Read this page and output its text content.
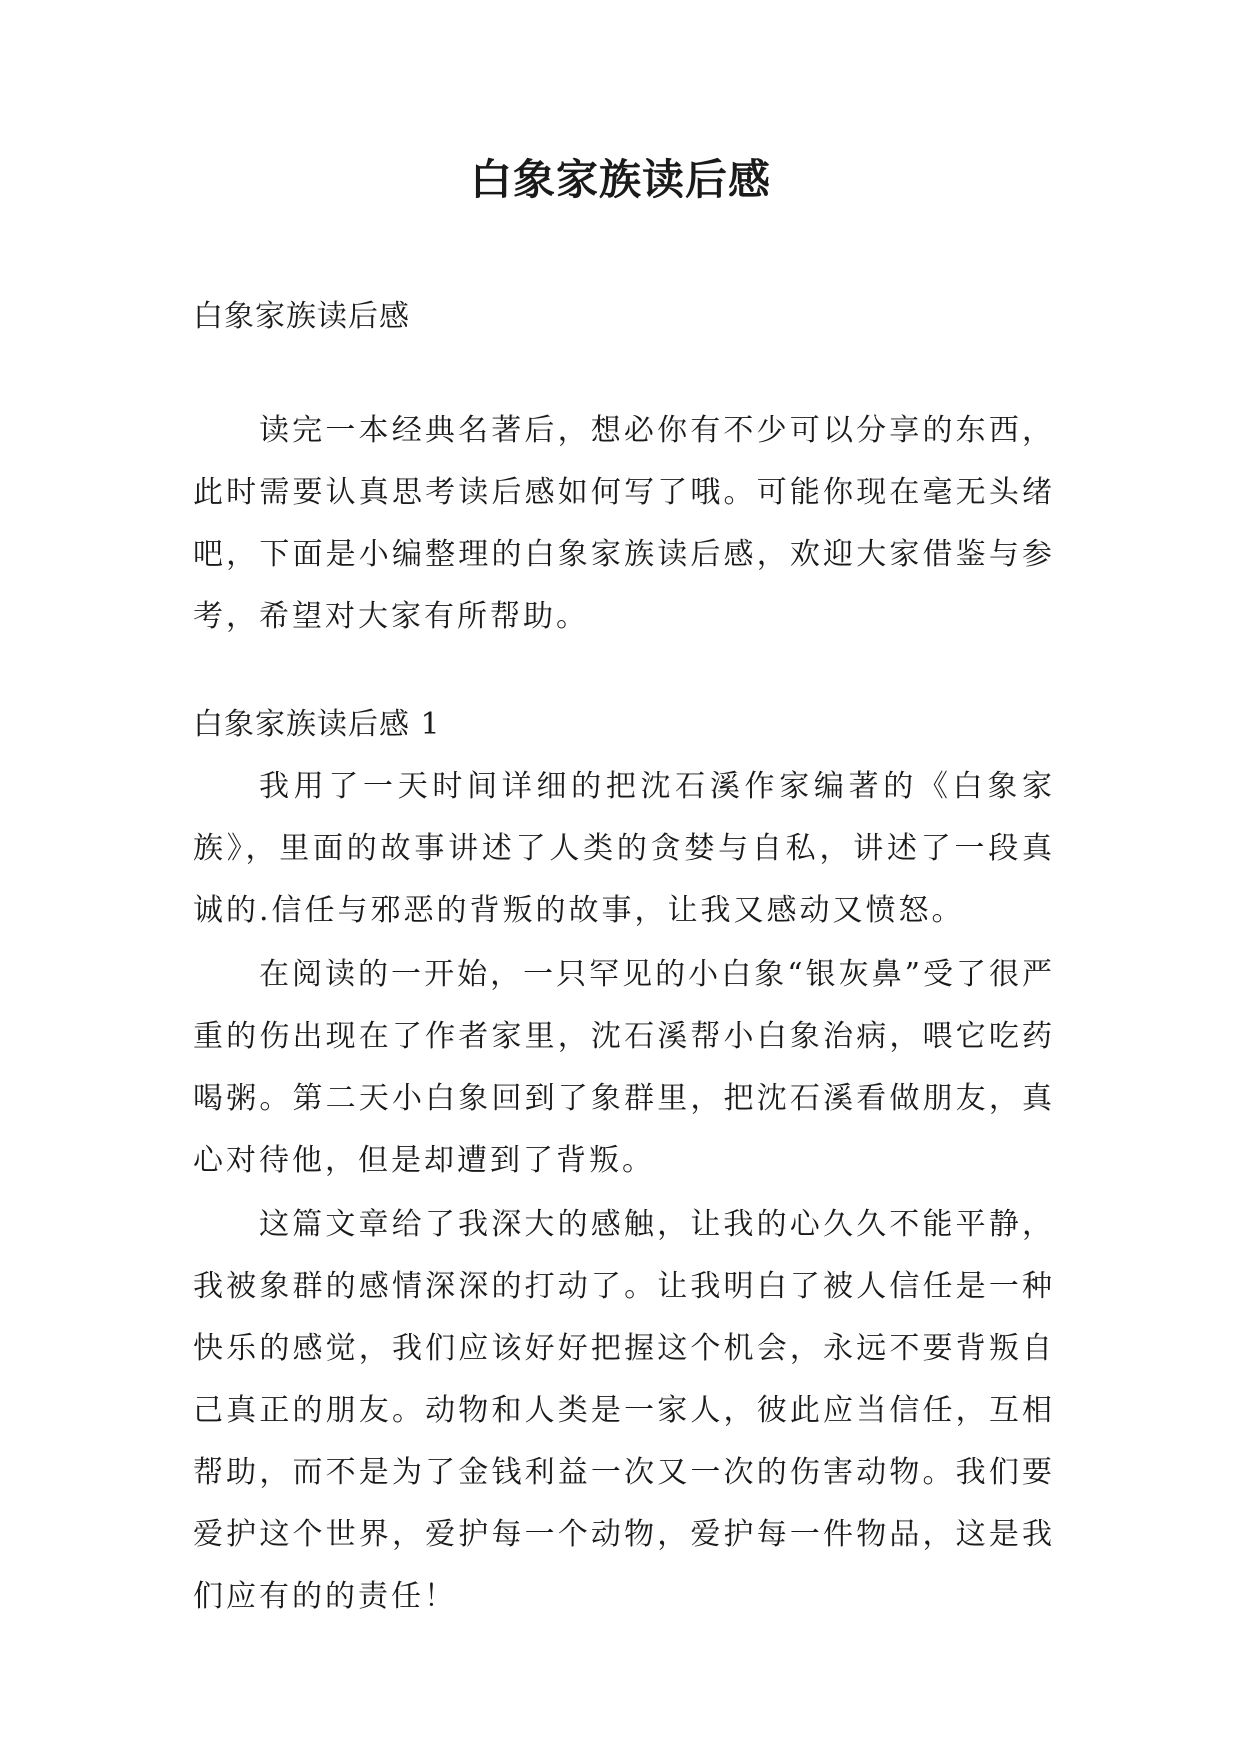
白象家族读后感

白象家族读后感

读完一本经典名著后，想必你有不少可以分享的东西，此时需要认真思考读后感如何写了哦。可能你现在毫无头绪吧，下面是小编整理的白象家族读后感，欢迎大家借鉴与参考，希望对大家有所帮助。

白象家族读后感 1

我用了一天时间详细的把沈石溪作家编著的《白象家族》，里面的故事讲述了人类的贪婪与自私，讲述了一段真诚的.信任与邪恶的背叛的故事，让我又感动又愤怒。

在阅读的一开始，一只罕见的小白象“银灰鼻”受了很严重的伤出现在了作者家里，沈石溪帮小白象治病，喂它吃药喝粥。第二天小白象回到了象群里，把沈石溪看做朋友，真心对待他，但是却遭到了背叛。

这篇文章给了我深大的感触，让我的心久久不能平静，我被象群的感情深深的打动了。让我明白了被人信任是一种快乐的感觉，我们应该好好把握这个机会，永远不要背叛自己真正的朋友。动物和人类是一家人，彼此应当信任，互相帮助，而不是为了金钱利益一次又一次的伤害动物。我们要爱护这个世界，爱护每一个动物，爱护每一件物品，这是我们应有的的责任！
